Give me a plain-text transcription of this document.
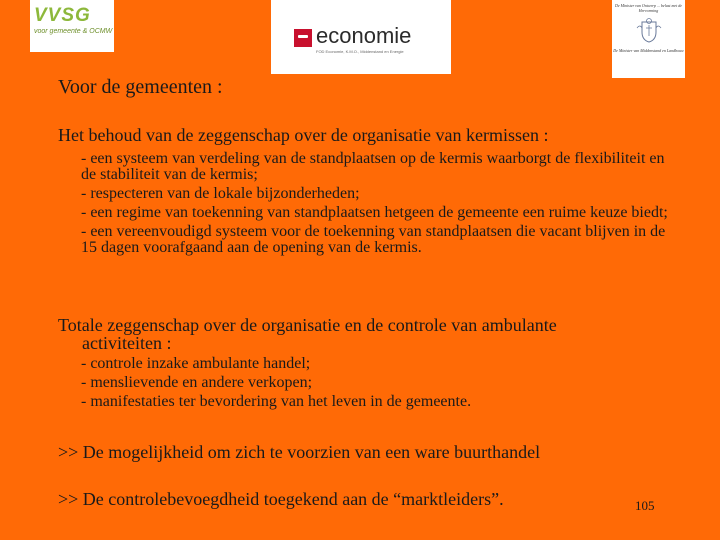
VVSG
voor gemeente & OCMW	economie
FOD Economie, K.M.O., Middenstand en Energie
De Minister van Ontwerp ... belast met de Hervorming
De Minister van Middenstand en Landbouw
Voor de gemeenten :
Het behoud van de zeggenschap over de organisatie van kermissen :
- een systeem van verdeling van de standplaatsen op de kermis waarborgt de flexibiliteit en de stabiliteit van de kermis;
- respecteren van de lokale bijzonderheden;
- een regime van toekenning van standplaatsen hetgeen de gemeente een ruime keuze biedt;
- een vereenvoudigd systeem voor de toekenning van standplaatsen die vacant blijven in de 15 dagen voorafgaand aan de opening van de kermis.
Totale zeggenschap over de organisatie en de controle van ambulante
activiteiten :
- controle inzake ambulante handel;
- menslievende en andere verkopen;
- manifestaties ter bevordering van het leven in de gemeente.
>> De mogelijkheid om zich te voorzien van een ware buurthandel
>> De controlebevoegdheid toegekend aan de “marktleiders”.	105
